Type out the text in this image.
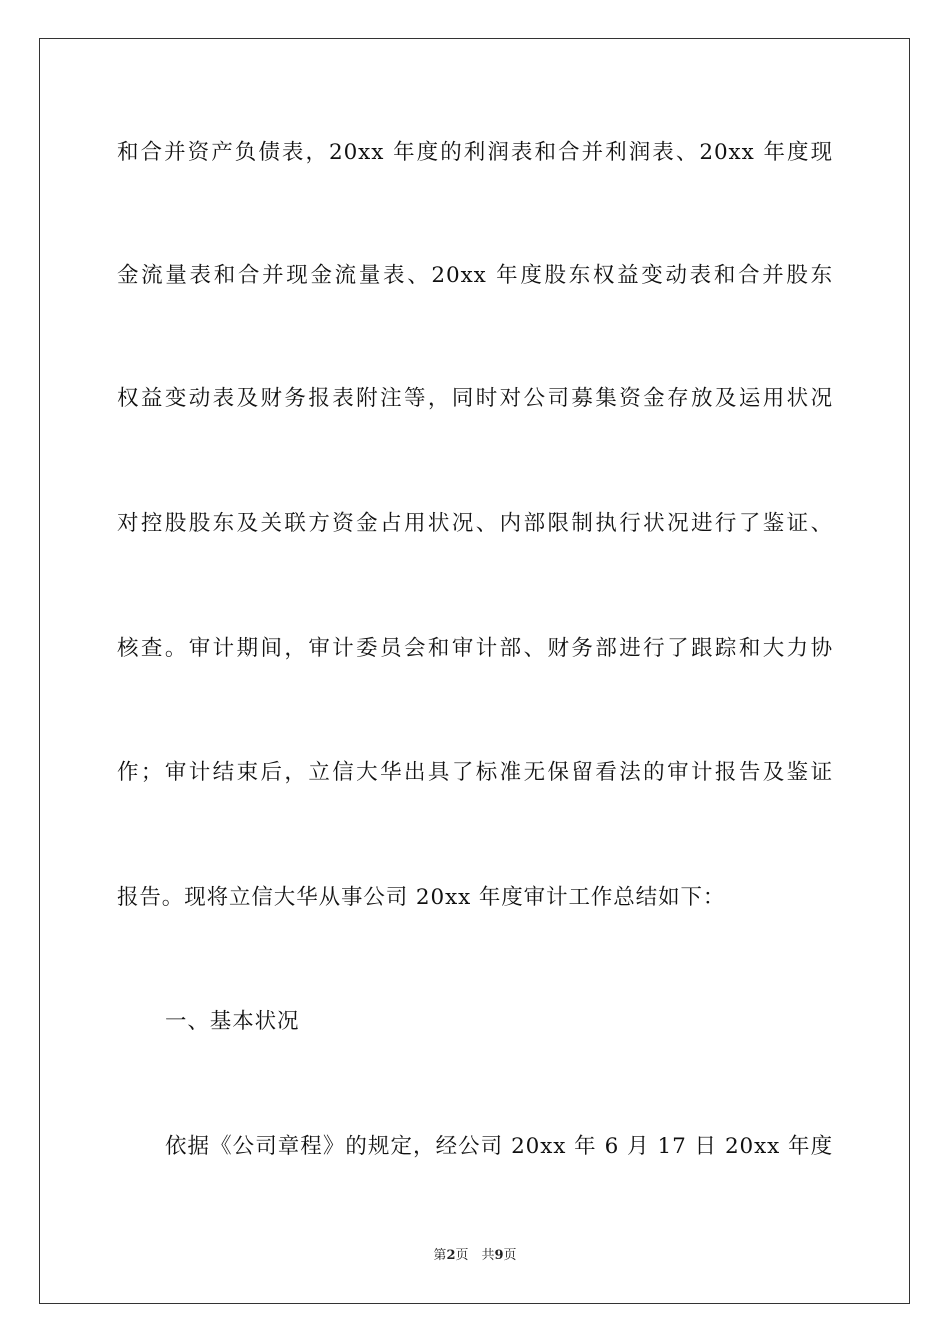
和合并资产负债表，20xx 年度的利润表和合并利润表、20xx 年度现
金流量表和合并现金流量表、20xx 年度股东权益变动表和合并股东
权益变动表及财务报表附注等，同时对公司募集资金存放及运用状况
对控股股东及关联方资金占用状况、内部限制执行状况进行了鉴证、
核查。审计期间，审计委员会和审计部、财务部进行了跟踪和大力协
作；审计结束后，立信大华出具了标准无保留看法的审计报告及鉴证
报告。现将立信大华从事公司 20xx 年度审计工作总结如下：
一、基本状况
依据《公司章程》的规定，经公司 20xx 年 6 月 17 日 20xx 年度
第2页　共9页
